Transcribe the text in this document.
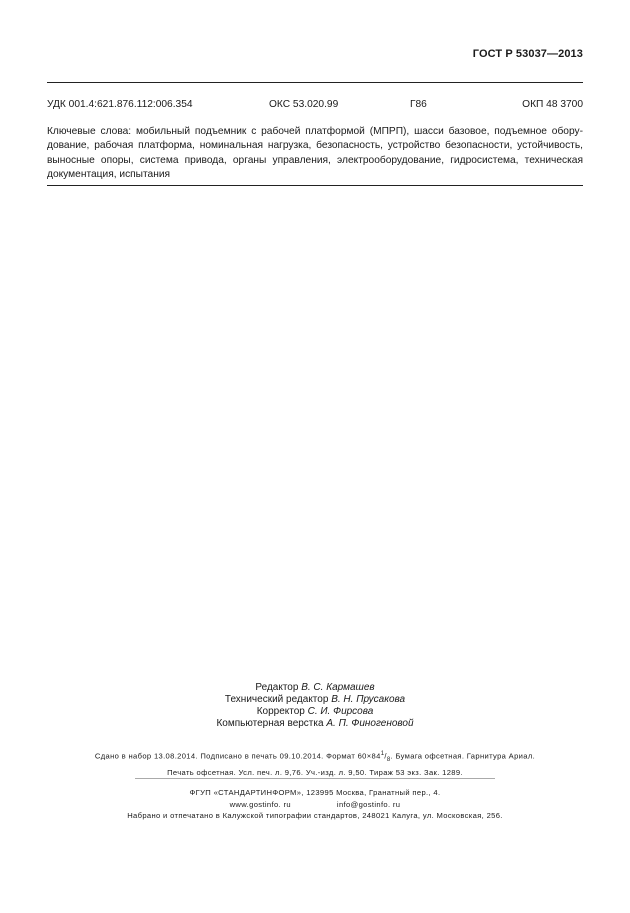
ГОСТ Р 53037—2013
УДК 001.4:621.876.112:006.354	ОКС 53.020.99	Г86	ОКП 48 3700
Ключевые слова: мобильный подъемник с рабочей платформой (МПРП), шасси базовое, подъемное обору-
дование, рабочая платформа, номинальная нагрузка, безопасность, устройство безопасности, устойчивость,
выносные опоры, система привода, органы управления, электрооборудование, гидросистема, техническая
документация, испытания
Редактор В. С. Кармашев
Технический редактор В. Н. Прусакова
Корректор С. И. Фирсова
Компьютерная верстка А. П. Финогеновой
Сдано в набор 13.08.2014. Подписано в печать 09.10.2014. Формат $60\times 84^1/_8$. Бумага офсетная. Гарнитура Ариал.
Печать офсетная. Усл. печ. л. 9,76. Уч.-изд. л. 9,50. Тираж 53 экз. Зак. 1289.
ФГУП «СТАНДАРТИНФОРМ», 123995 Москва, Гранатный пер., 4.
www.gostinfo. ru	info@gostinfo. ru
Набрано и отпечатано в Калужской типографии стандартов, 248021 Калуга, ул. Московская, 256.
